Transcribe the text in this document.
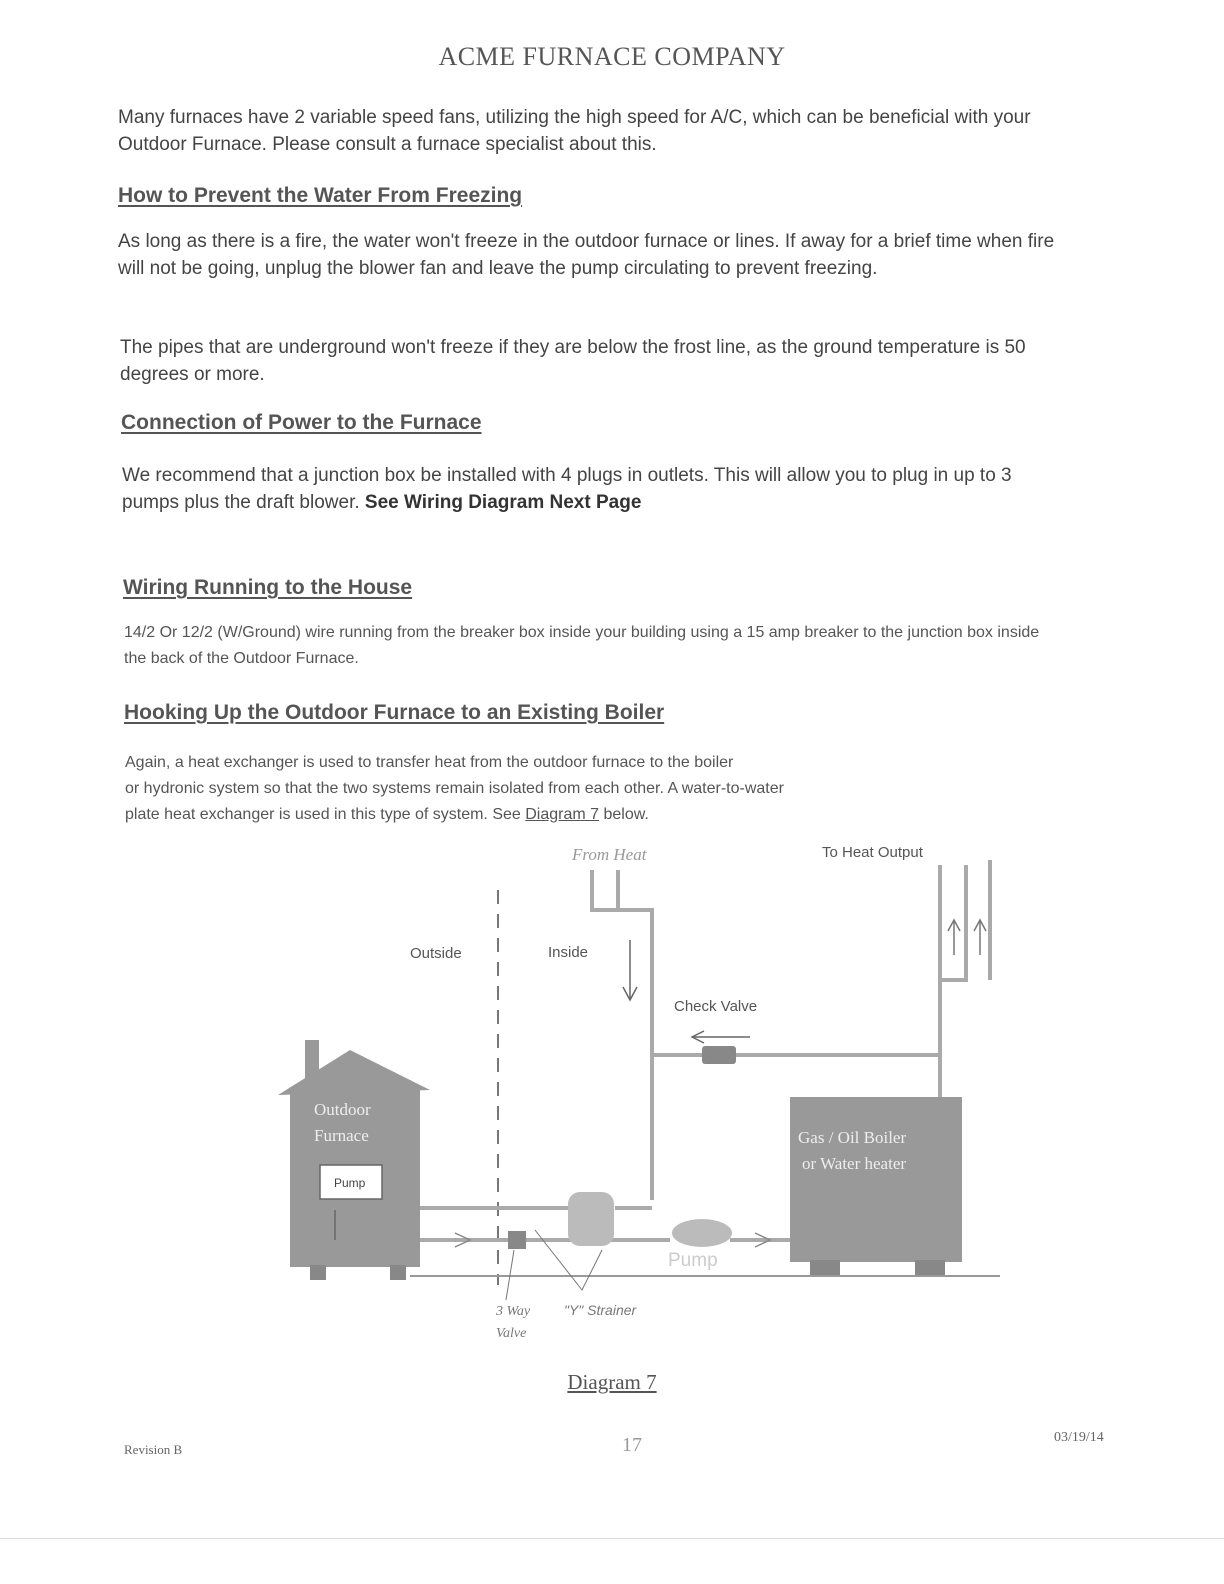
ACME FURNACE COMPANY
Many furnaces have 2 variable speed fans, utilizing the high speed for A/C, which can be beneficial with your Outdoor Furnace. Please consult a furnace specialist about this.
How to Prevent the Water From Freezing
As long as there is a fire, the water won't freeze in the outdoor furnace or lines. If away for a brief time when fire will not be going, unplug the blower fan and leave the pump circulating to prevent freezing.
The pipes that are underground won't freeze if they are below the frost line, as the ground temperature is 50 degrees or more.
Connection of Power to the Furnace
We recommend that a junction box be installed with 4 plugs in outlets. This will allow you to plug in up to 3 pumps plus the draft blower. See Wiring Diagram Next Page
Wiring Running to the House
14/2 Or 12/2 (W/Ground) wire running from the breaker box inside your building using a 15 amp breaker to the junction box inside the back of the Outdoor Furnace.
Hooking Up the Outdoor Furnace to an Existing Boiler
Again, a heat exchanger is used to transfer heat from the outdoor furnace to the boiler
or hydronic system so that the two systems remain isolated from each other. A water-to-water
plate heat exchanger is used in this type of system. See Diagram 7 below.
Outside	Inside
From Heat
Check Valve
To Heat Output
Outdoor
Furnace
Pump
Pump
Gas / Oil Boiler
or Water heater
3 Way
Valve
"Y" Strainer
Diagram 7
Revision B	17	03/19/14
